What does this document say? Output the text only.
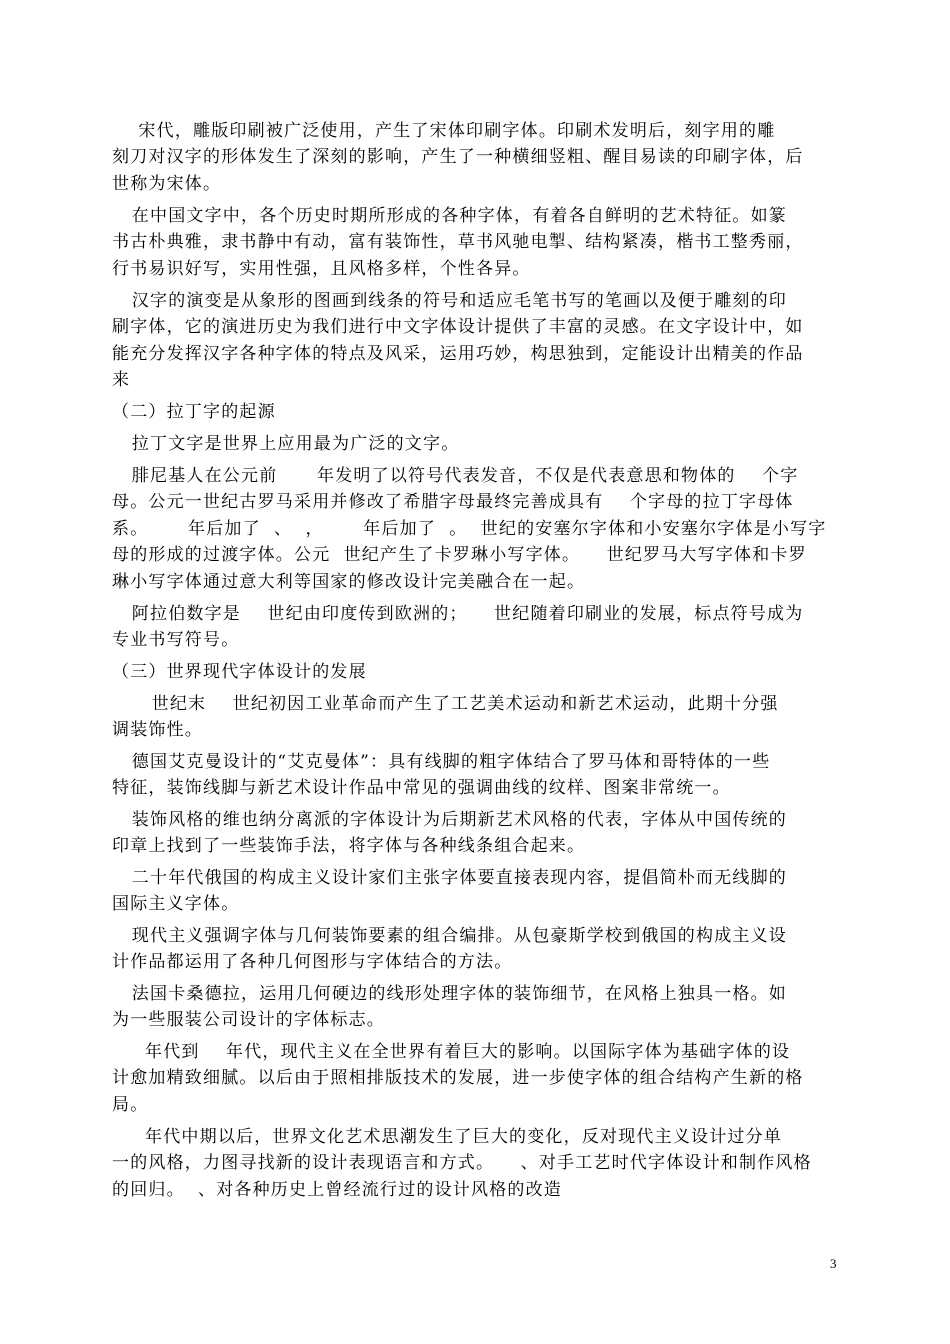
宋代，雕版印刷被广泛使用，产生了宋体印刷字体。印刷术发明后，刻字用的雕
刻刀对汉字的形体发生了深刻的影响，产生了一种横细竖粗、醒目易读的印刷字体，后
世称为宋体。
在中国文字中，各个历史时期所形成的各种字体，有着各自鲜明的艺术特征。如篆
书古朴典雅，隶书静中有动，富有装饰性，草书风驰电掣、结构紧凑，楷书工整秀丽，
行书易识好写，实用性强，且风格多样，个性各异。
汉字的演变是从象形的图画到线条的符号和适应毛笔书写的笔画以及便于雕刻的印
刷字体，它的演进历史为我们进行中文字体设计提供了丰富的灵感。在文字设计中，如
能充分发挥汉字各种字体的特点及风采，运用巧妙，构思独到，定能设计出精美的作品
来
（二）拉丁字的起源
拉丁文字是世界上应用最为广泛的文字。
腓尼基人在公元前      年发明了以符号代表发音，不仅是代表意思和物体的    个字
母。公元一世纪古罗马采用并修改了希腊字母最终完善成具有    个字母的拉丁字母体
系。      年后加了  、  ，      年后加了  。  世纪的安塞尔字体和小安塞尔字体是小写字
母的形成的过渡字体。公元  世纪产生了卡罗琳小写字体。    世纪罗马大写字体和卡罗
琳小写字体通过意大利等国家的修改设计完美融合在一起。
阿拉伯数字是    世纪由印度传到欧洲的；    世纪随着印刷业的发展，标点符号成为
专业书写符号。
（三）世界现代字体设计的发展
世纪末    世纪初因工业革命而产生了工艺美术运动和新艺术运动，此期十分强
调装饰性。
德国艾克曼设计的“艾克曼体”：具有线脚的粗字体结合了罗马体和哥特体的一些
特征，装饰线脚与新艺术设计作品中常见的强调曲线的纹样、图案非常统一。
装饰风格的维也纳分离派的字体设计为后期新艺术风格的代表，字体从中国传统的
印章上找到了一些装饰手法，将字体与各种线条组合起来。
二十年代俄国的构成主义设计家们主张字体要直接表现内容，提倡简朴而无线脚的
国际主义字体。
现代主义强调字体与几何装饰要素的组合编排。从包豪斯学校到俄国的构成主义设
计作品都运用了各种几何图形与字体结合的方法。
法国卡桑德拉，运用几何硬边的线形处理字体的装饰细节，在风格上独具一格。如
为一些服装公司设计的字体标志。
年代到    年代，现代主义在全世界有着巨大的影响。以国际字体为基础字体的设
计愈加精致细腻。以后由于照相排版技术的发展，进一步使字体的组合结构产生新的格
局。
年代中期以后，世界文化艺术思潮发生了巨大的变化，反对现代主义设计过分单
一的风格，力图寻找新的设计表现语言和方式。    、对手工艺时代字体设计和制作风格
的回归。  、对各种历史上曾经流行过的设计风格的改造
3
